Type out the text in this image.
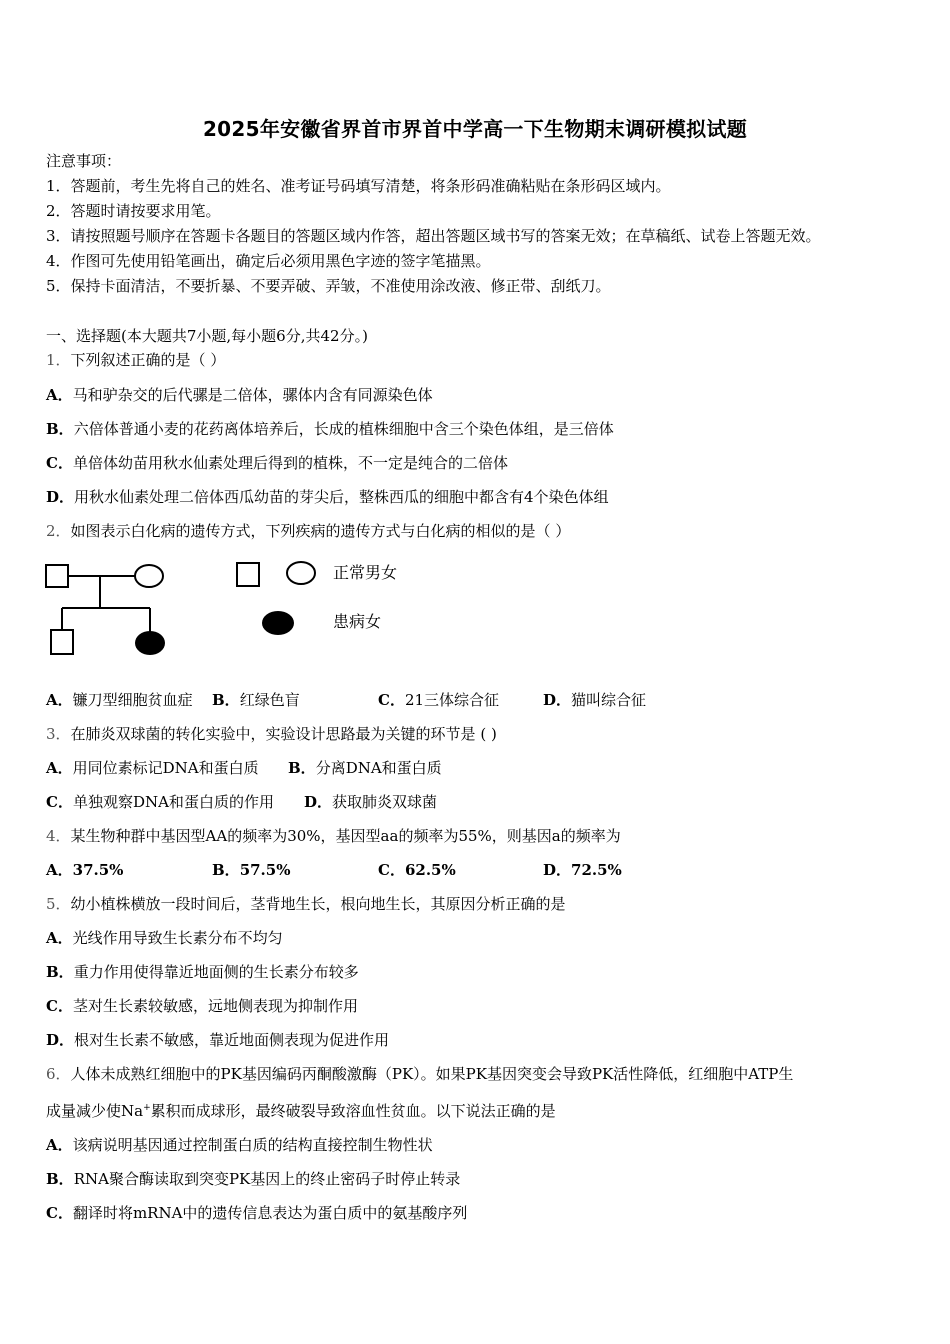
2025年安徽省界首市界首中学高一下生物期末调研模拟试题
注意事项：
1．答题前，考生先将自己的姓名、准考证号码填写清楚，将条形码准确粘贴在条形码区域内。
2．答题时请按要求用笔。
3．请按照题号顺序在答题卡各题目的答题区域内作答，超出答题区域书写的答案无效；在草稿纸、试卷上答题无效。
4．作图可先使用铅笔画出，确定后必须用黑色字迹的签字笔描黑。
5．保持卡面清洁，不要折暴、不要弄破、弄皱，不准使用涂改液、修正带、刮纸刀。
一、选择题(本大题共7小题,每小题6分,共42分。)
1．下列叙述正确的是（ ）
A．马和驴杂交的后代骡是二倍体，骡体内含有同源染色体
B．六倍体普通小麦的花药离体培养后，长成的植株细胞中含三个染色体组，是三倍体
C．单倍体幼苗用秋水仙素处理后得到的植株，不一定是纯合的二倍体
D．用秋水仙素处理二倍体西瓜幼苗的芽尖后，整株西瓜的细胞中都含有4个染色体组
2．如图表示白化病的遗传方式，下列疾病的遗传方式与白化病的相似的是（ ）
正常男女
患病女
A．镰刀型细胞贫血症 B．红绿色盲	C．21三体综合征	D．猫叫综合征
3．在肺炎双球菌的转化实验中，实验设计思路最为关键的环节是 ( )
A．用同位素标记DNA和蛋白质 B．分离DNA和蛋白质
C．单独观察DNA和蛋白质的作用 D．获取肺炎双球菌
4．某生物种群中基因型AA的频率为30%，基因型aa的频率为55%，则基因a的频率为
A．37.5%	B．57.5%	C．62.5%	D．72.5%
5．幼小植株横放一段时间后，茎背地生长，根向地生长，其原因分析正确的是
A．光线作用导致生长素分布不均匀
B．重力作用使得靠近地面侧的生长素分布较多
C．茎对生长素较敏感，远地侧表现为抑制作用
D．根对生长素不敏感，靠近地面侧表现为促进作用
6．人体未成熟红细胞中的PK基因编码丙酮酸激酶（PK）。如果PK基因突变会导致PK活性降低，红细胞中ATP生
成量减少使Na+累积而成球形，最终破裂导致溶血性贫血。以下说法正确的是
A．该病说明基因通过控制蛋白质的结构直接控制生物性状
B．RNA聚合酶读取到突变PK基因上的终止密码子时停止转录
C．翻译时将mRNA中的遗传信息表达为蛋白质中的氨基酸序列
